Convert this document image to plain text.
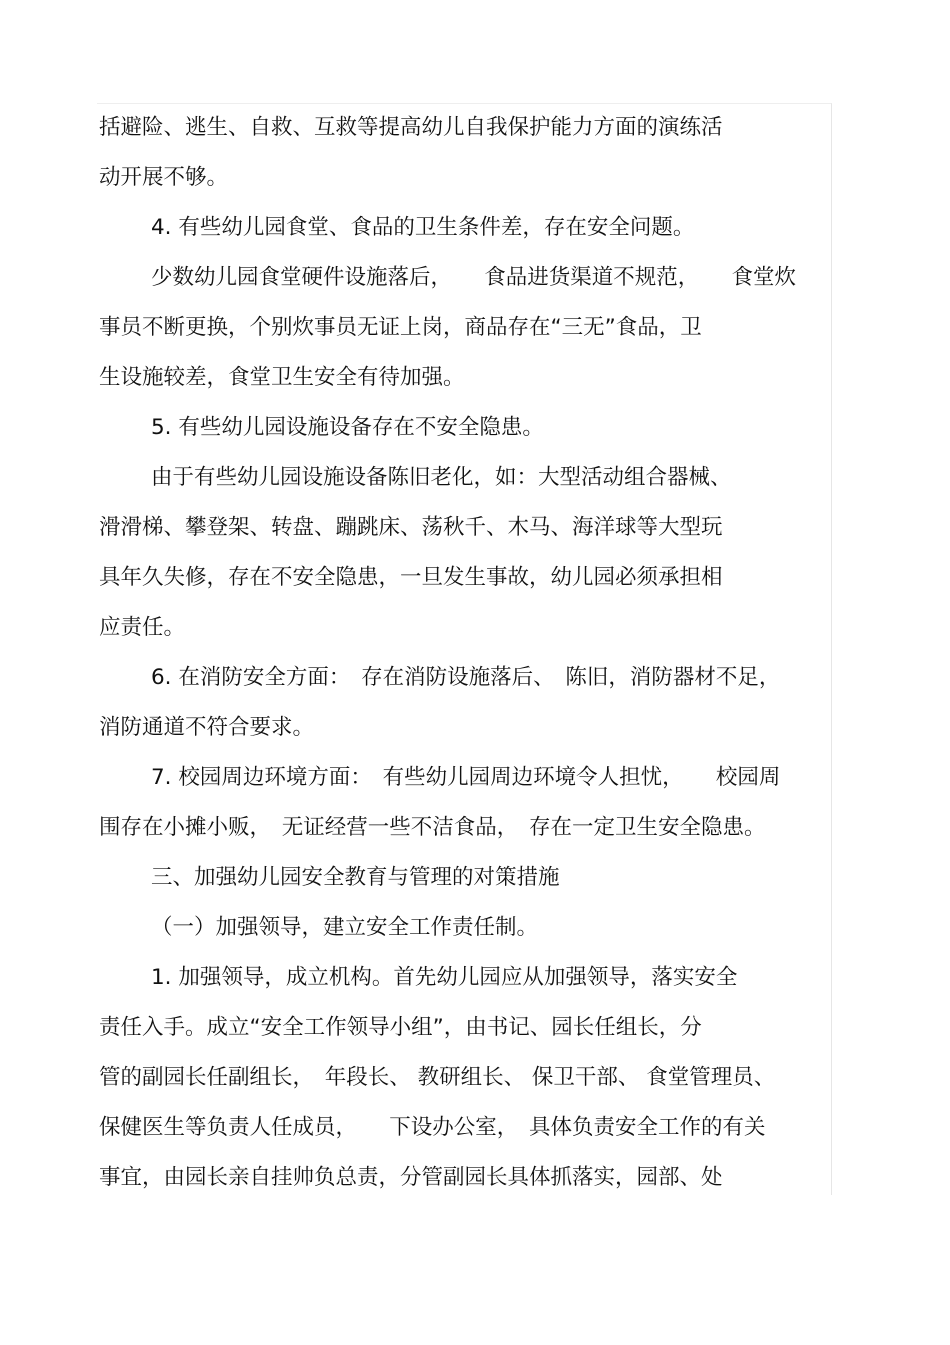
括避险、逃生、自救、互救等提高幼儿自我保护能力方面的演练活
动开展不够。
4. 有些幼儿园食堂、食品的卫生条件差，存在安全问题。
少数幼儿园食堂硬件设施落后，　　食品进货渠道不规范，　　食堂炊
事员不断更换，个别炊事员无证上岗，商品存在“三无”食品，卫
生设施较差，食堂卫生安全有待加强。
5. 有些幼儿园设施设备存在不安全隐患。
由于有些幼儿园设施设备陈旧老化，如：大型活动组合器械、
滑滑梯、攀登架、转盘、蹦跳床、荡秋千、木马、海洋球等大型玩
具年久失修，存在不安全隐患，一旦发生事故，幼儿园必须承担相
应责任。
6. 在消防安全方面：　存在消防设施落后、　陈旧，消防器材不足，
消防通道不符合要求。
7. 校园周边环境方面：　有些幼儿园周边环境令人担忧，　　校园周
围存在小摊小贩，　无证经营一些不洁食品，　存在一定卫生安全隐患。
三、加强幼儿园安全教育与管理的对策措施
（一）加强领导，建立安全工作责任制。
1. 加强领导，成立机构。首先幼儿园应从加强领导，落实安全
责任入手。成立“安全工作领导小组”，由书记、园长任组长，分
管的副园长任副组长，　年段长、 教研组长、 保卫干部、 食堂管理员、
保健医生等负责人任成员，　　下设办公室，　具体负责安全工作的有关
事宜，由园长亲自挂帅负总责，分管副园长具体抓落实，园部、处
